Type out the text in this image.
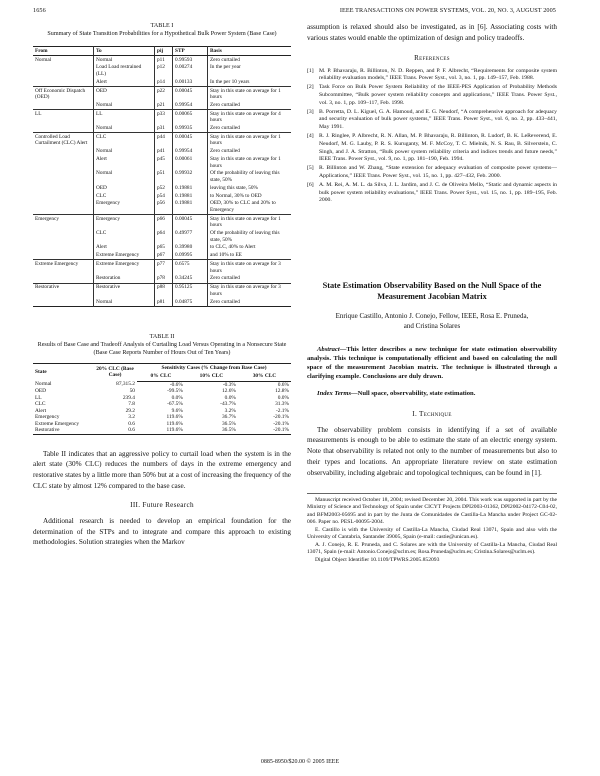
1656	IEEE TRANSACTIONS ON POWER SYSTEMS, VOL. 20, NO. 3, AUGUST 2005
TABLE I
Summary of State Transition Probabilities for a Hypothetical Bulk Power System (Base Case)
From	To	pij	STP	Basis
Normal	Normal	p11	0.99593	Zero curtailed
	Load Load restrained (LL)	p12	0.00274	In the per year
	Alert	p14	0.00133	In the per 10 years
Off Economic Dispatch (OED)	OED	p22	0.00045	Stay in this state on average for 1 hours
	Normal	p21	0.99954	Zero curtailed
LL	LL	p33	0.00065	Stay in this state on average for 4 hours
	Normal	p31	0.99935	Zero curtailed
Controlled Load Curtailment (CLC) Alert	CLC	p44	0.00045	Stay in this state on average for 1 hours
	Normal	p41	0.99954	Zero curtailed
	Alert	p45	0.00061	Stay in this state on average for 1 hours
	Normal	p51	0.99932	Of the probability of leaving this state, 50%
	OED	p52	0.19881	leaving this state, 50%
	CLC	p54	0.19881	to Normal, 30% to OED
	Emergency	p56	0.19881	OED, 30% to CLC and 20% to Emergency
Emergency	Emergency	p66	0.00045	Stay in this state on average for 1 hours
	CLC	p64	0.49977	Of the probability of leaving this state, 50%
	Alert	p65	0.39980	to CLC, 40% to Alert
	Extreme Emergency	p67	0.09995	and 10% to EE
Extreme Emergency	Extreme Emergency	p77	0.6575	Stay in this state on average for 3 hours
	Restoration	p78	0.34245	Zero curtailed
Restorative	Restorative	p88	0.95125	Stay in this state on average for 3 hours
	Normal	p81	0.04875	Zero curtailed
TABLE II
Results of Base Case and Tradeoff Analysis of Curtailing Load Versus Operating in a Nonsecure State (Base Case Reports Number of Hours Out of Ten Years)
State	20% CLC (Base Case)	Sensitivity Cases (% Change from Base Case)		
		0% CLC	10% CLC	30% CLC
Normal	87,315.2	-0.6%	-0.3%	0.6%
OED	50	-99.5%	12.6%	12.8%
LL	239.4	0.0%	0.0%	0.0%
CLC	7.8	-67.5%	-43.7%	31.3%
Alert	29.2	9.6%	3.2%	-2.1%
Emergency	3.2	119.6%	36.7%	-20.1%
Extreme Emergency	0.6	119.6%	36.5%	-20.1%
Restorative	0.6	119.6%	36.5%	-20.1%

Table II indicates that an aggressive policy to curtail load when the system is in the alert state (30% CLC) reduces the numbers of days in the extreme emergency and restorative states by a little more than 50% but at a cost of increasing the frequency of the CLC state by almost 12% compared to the base case.

III. Future Research

Additional research is needed to develop an empirical foundation for the determination of the STPs and to integrate and compare this approach to existing methodologies. Solution strategies when the Markov

assumption is relaxed should also be investigated, as in [6]. Associating costs with various states would enable the optimization of design and policy tradeoffs.

References
[1] M. P. Bhavaraju, R. Billinton, N. D. Reppen, and P. F. Albrecht, “Requirements for composite system reliability evaluation models,” IEEE Trans. Power Syst., vol. 3, no. 1, pp. 149–157, Feb. 1988.
[2] Task Force on Bulk Power System Reliability of the IEEE-PES Application of Probability Methods Subcommittee, “Bulk power system reliability concepts and applications,” IEEE Trans. Power Syst., vol. 3, no. 1, pp. 109–117, Feb. 1998.
[3] B. Porretta, D. L. Kiguel, G. A. Hamoud, and E. G. Neudorf, “A comprehensive approach for adequacy and security evaluation of bulk power systems,” IEEE Trans. Power Syst., vol. 6, no. 2, pp. 433–441, May 1991.
[4] R. J. Ringlee, P. Albrecht, R. N. Allan, M. P. Bhavaraju, R. Billinton, R. Ludorf, B. K. LeReverend, E. Neudorf, M. G. Lauby, P. R. S. Kuruganty, M. F. McCoy, T. C. Mielnik, N. S. Rau, B. Silverstein, C. Singh, and J. A. Stratton, “Bulk power system reliability criteria and indices trends and future needs,” IEEE Trans. Power Syst., vol. 9, no. 1, pp. 181–190, Feb. 1994.
[5] R. Billinton and W. Zhang, “State extension for adequacy evaluation of composite power systems—Applications,” IEEE Trans. Power Syst., vol. 15, no. 1, pp. 427–432, Feb. 2000.
[6] A. M. Rei, A. M. L. da Silva, J. L. Jardim, and J. C. de Oliveira Mello, “Static and dynamic aspects in bulk power system reliability evaluations,” IEEE Trans. Power Syst., vol. 15, no. 1, pp. 189–195, Feb. 2000.
State Estimation Observability Based on the Null Space of the Measurement Jacobian Matrix
Enrique Castillo, Antonio J. Conejo, Fellow, IEEE, Rosa E. Pruneda,
and Cristina Solares

Abstract—This letter describes a new technique for state estimation observability analysis. This technique is computationally efficient and based on calculating the null space of the measurement Jacobian matrix. The technique is illustrated through a clarifying example. Conclusions are duly drawn.

Index Terms—Null space, observability, state estimation.

I. Technique

The observability problem consists in identifying if a set of available measurements is enough to be able to estimate the state of an electric energy system. Note that observability is related not only to the number of measurements but also to their types and locations. An appropriate literature review on state estimation observability, including algebraic and topological techniques, can be found in [1].

Manuscript received October 18, 2004; revised December 20, 2004. This work was supported in part by the Ministry of Science and Technology of Spain under CICYT Projects DPI2003-01362, DPI2002-04172-C04-02, and BFM2003-05695 and in part by the Junta de Comunidades de Castilla-La Mancha under Project GC-02-006. Paper no. PESL-00095-2004.

E. Castillo is with the University of Castilla-La Mancha, Ciudad Real 13071, Spain and also with the University of Cantabria, Santander 39005, Spain (e-mail: castie@unican.es).

A. J. Conejo, R. E. Pruneda, and C. Solares are with the University of Castilla-La Mancha, Ciudad Real 13071, Spain (e-mail: Antonio.Conejo@uclm.es; Rosa.Pruneda@uclm.es; Cristina.Solares@uclm.es).

Digital Object Identifier 10.1109/TPWRS.2005.852093

0885-8950/$20.00 © 2005 IEEE
